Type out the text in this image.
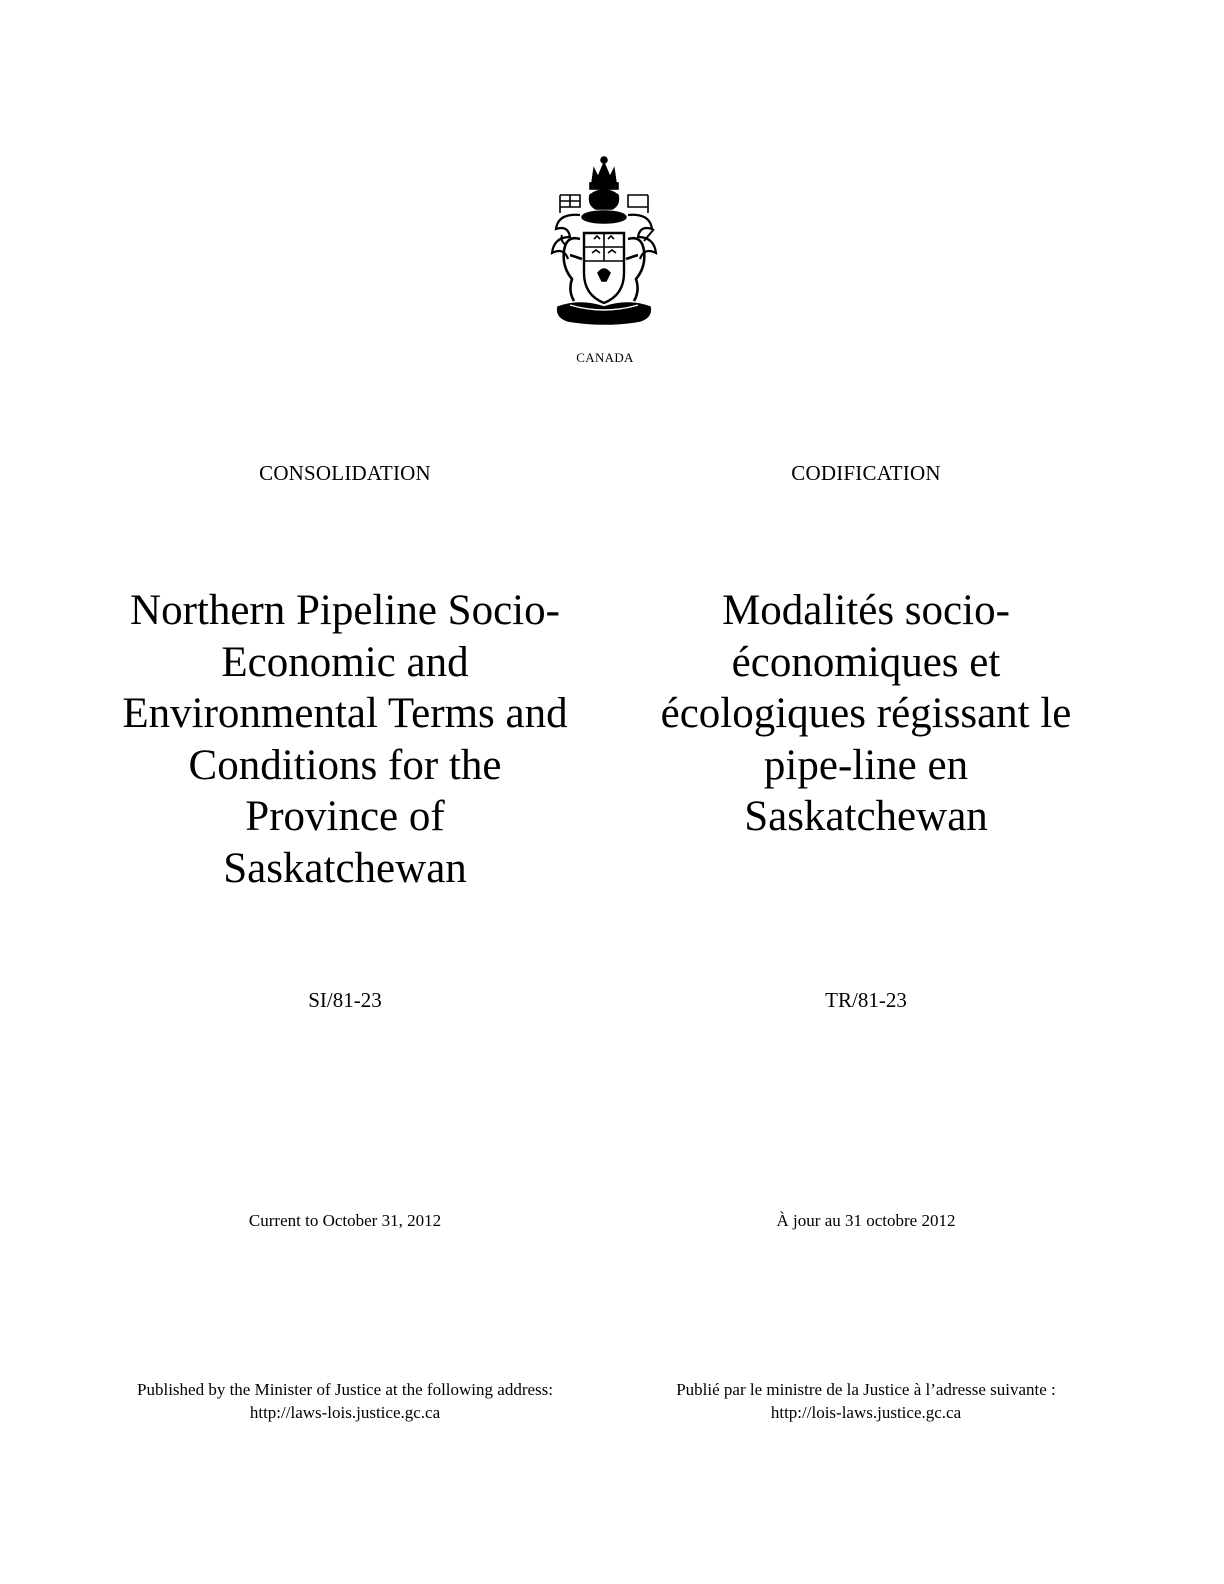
CANADA
CONSOLIDATION
Northern Pipeline Socio-
Economic and
Environmental Terms and
Conditions for the
Province of
Saskatchewan
SI/81-23
Current to October 31, 2012
Published by the Minister of Justice at the following address:
http://laws-lois.justice.gc.ca
CODIFICATION
Modalités socio-
économiques et
écologiques régissant le
pipe-line en
Saskatchewan
TR/81-23
À jour au 31 octobre 2012
Publié par le ministre de la Justice à l’adresse suivante :
http://lois-laws.justice.gc.ca
